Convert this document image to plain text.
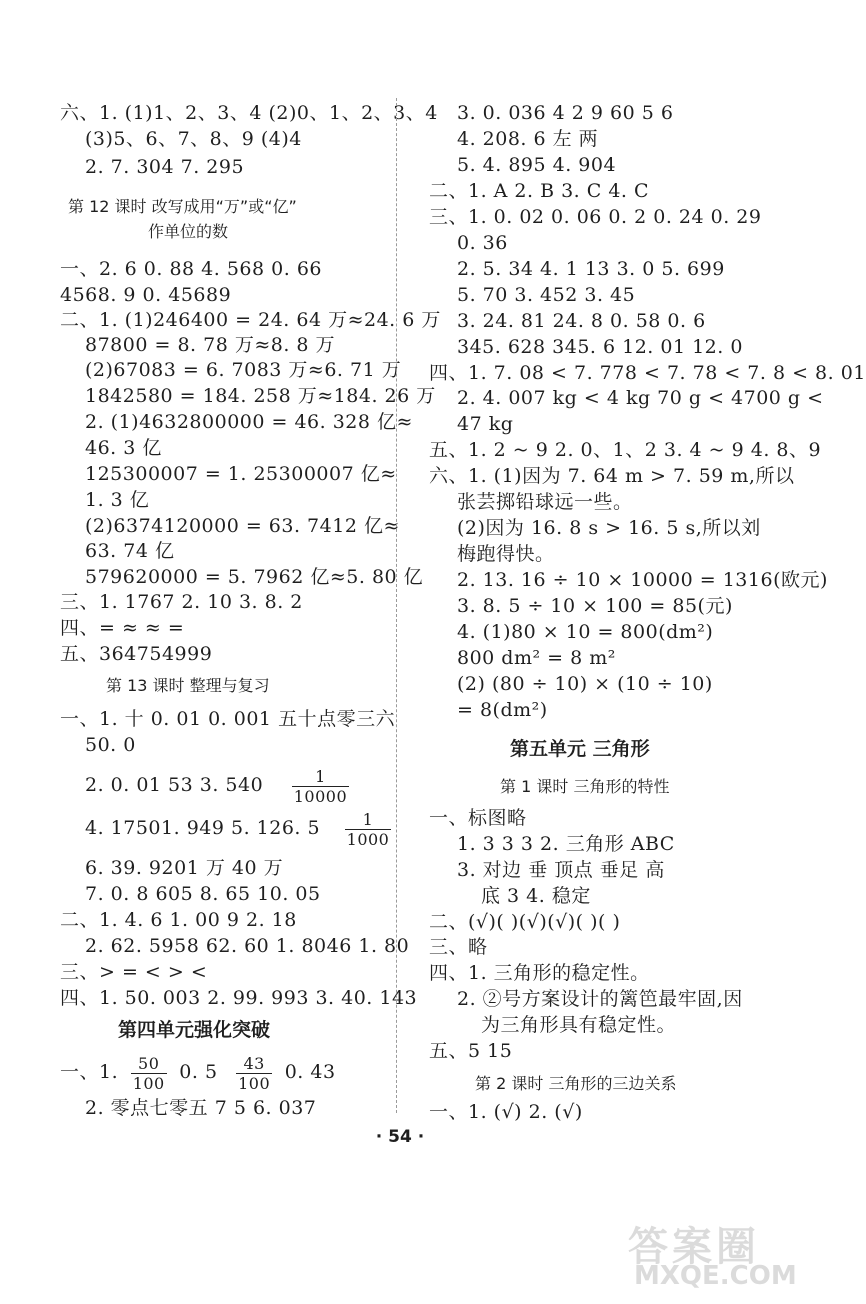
六、1. (1)1、2、3、4 (2)0、1、2、3、4
(3)5、6、7、8、9 (4)4
2. 7. 304 7. 295
第 12 课时 改写成用“万”或“亿”
作单位的数
一、2. 6 0. 88 4. 568 0. 66
4568. 9 0. 45689
二、1. (1)246400 = 24. 64 万≈24. 6 万
87800 = 8. 78 万≈8. 8 万
(2)67083 = 6. 7083 万≈6. 71 万
1842580 = 184. 258 万≈184. 26 万
2. (1)4632800000 = 46. 328 亿≈
46. 3 亿
125300007 = 1. 25300007 亿≈
1. 3 亿
(2)6374120000 = 63. 7412 亿≈
63. 74 亿
579620000 = 5. 7962 亿≈5. 80 亿
三、1. 1767 2. 10 3. 8. 2
四、= ≈ ≈ =
五、364754999
第 13 课时 整理与复习
一、1. 十 0. 01 0. 001 五十点零三六
50. 0
2. 0. 01 53 3. $540 \frac{1}{10000}$
4. 17501. 949 5. 126. $5 \frac{1}{1000}$
6. 39. 9201 万 40 万
7. 0. 8 605 8. 65 10. 05
二、1. 4. 6 1. 00 9 2. 18
2. 62. 5958 62. 60 1. 8046 1. 80
三、> = < > <
四、1. 50. 003 2. 99. 993 3. 40. 143
第四单元强化突破
一、1. $\frac{50}{100} 0$. $5 \frac{43}{100} 0$. 43
2. 零点七零五 7 5 6. 037
3. 0. 036 4 2 9 60 5 6
4. 208. 6 左 两
5. 4. 895 4. 904
二、1. A 2. B 3. C 4. C
三、1. 0. 02 0. 06 0. 2 0. 24 0. 29
0. 36
2. 5. 34 4. 1 13 3. 0 5. 699
5. 70 3. 452 3. 45
3. 24. 81 24. 8 0. 58 0. 6
345. 628 345. 6 12. 01 12. 0
四、1. 7. 08 < 7. 778 < 7. 78 < 7. 8 < 8. 01
2. 4. 007 kg < 4 kg 70 g < 4700 g <
47 kg
五、1. 2 ~ 9 2. 0、1、2 3. 4 ~ 9 4. 8、9
六、1. (1)因为 7. 64 m > 7. 59 m,所以
张芸掷铅球远一些。
(2)因为 16. 8 s > 16. 5 s,所以刘
梅跑得快。
2. 13. 16 ÷ 10 × 10000 = 1316(欧元)
3. 8. 5 ÷ 10 × 100 = 85(元)
4. (1)80 × 10 = 800(dm²)
800 dm² = 8 m²
(2) (80 ÷ 10) × (10 ÷ 10)
= 8(dm²)
第五单元 三角形
第 1 课时 三角形的特性
一、标图略
1. 3 3 3 2. 三角形 ABC
3. 对边 垂 顶点 垂足 高
底 3 4. 稳定
二、(√)( )(√)(√)( )( )
三、略
四、1. 三角形的稳定性。
2. ②号方案设计的篱笆最牢固,因
为三角形具有稳定性。
五、5 15
第 2 课时 三角形的三边关系
一、1. (√) 2. (√)
· 54 ·
答案圈
MXQE.COM
